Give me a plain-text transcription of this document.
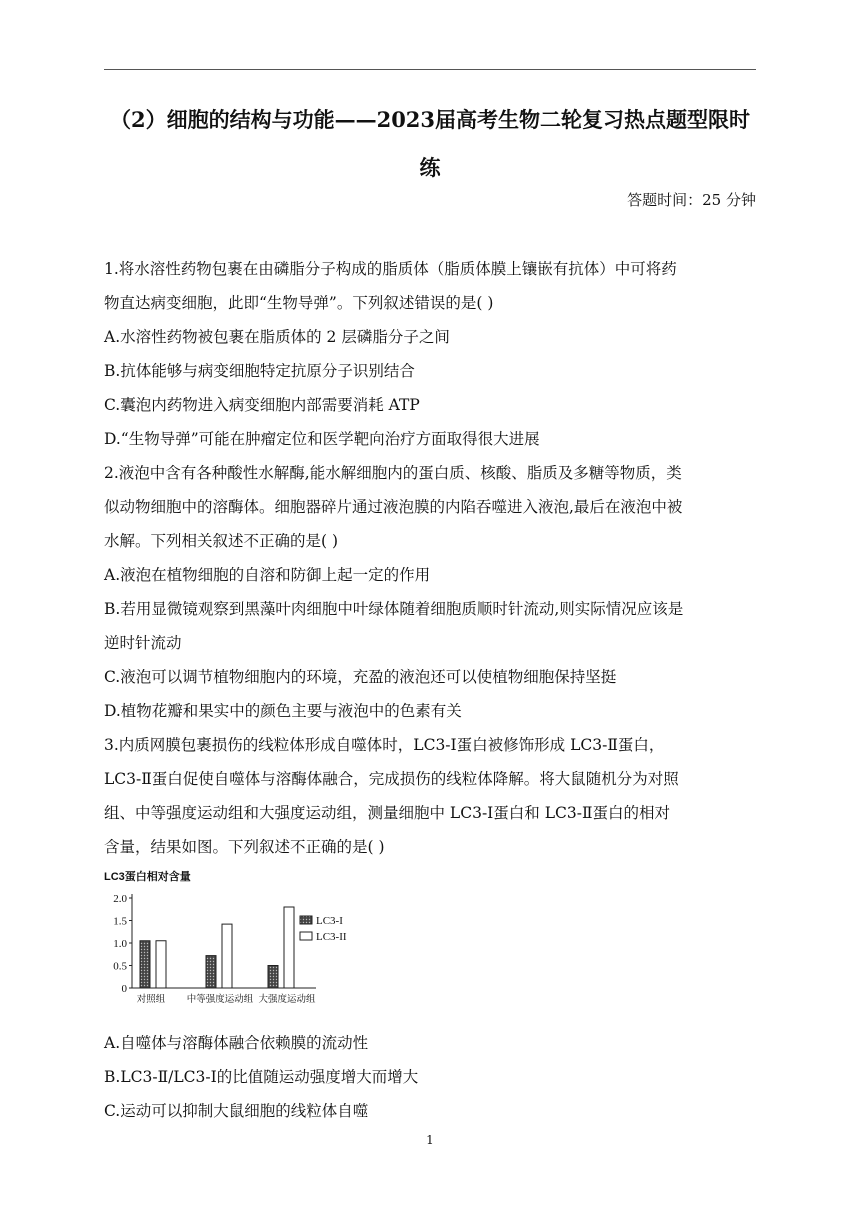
（2）细胞的结构与功能——2023届高考生物二轮复习热点题型限时
练
答题时间：25 分钟

1.将水溶性药物包裹在由磷脂分子构成的脂质体（脂质体膜上镶嵌有抗体）中可将药

物直达病变细胞，此即“生物导弹”。下列叙述错误的是( )

A.水溶性药物被包裹在脂质体的 2 层磷脂分子之间

B.抗体能够与病变细胞特定抗原分子识别结合

C.囊泡内药物进入病变细胞内部需要消耗 ATP

D.“生物导弹”可能在肿瘤定位和医学靶向治疗方面取得很大进展

2.液泡中含有各种酸性水解酶,能水解细胞内的蛋白质、核酸、脂质及多糖等物质，类

似动物细胞中的溶酶体。细胞器碎片通过液泡膜的内陷吞噬进入液泡,最后在液泡中被

水解。下列相关叙述不正确的是( )

A.液泡在植物细胞的自溶和防御上起一定的作用

B.若用显微镜观察到黑藻叶肉细胞中叶绿体随着细胞质顺时针流动,则实际情况应该是

逆时针流动

C.液泡可以调节植物细胞内的环境，充盈的液泡还可以使植物细胞保持坚挺

D.植物花瓣和果实中的颜色主要与液泡中的色素有关

3.内质网膜包裹损伤的线粒体形成自噬体时，LC3-Ⅰ蛋白被修饰形成 LC3-Ⅱ蛋白，

LC3-Ⅱ蛋白促使自噬体与溶酶体融合，完成损伤的线粒体降解。将大鼠随机分为对照

组、中等强度运动组和大强度运动组，测量细胞中 LC3-Ⅰ蛋白和 LC3-Ⅱ蛋白的相对

含量，结果如图。下列叙述不正确的是( )

LC3蛋白相对含量
2.0
1.5
1.0
0.5
0
对照组 中等强度运动组 大强度运动组
LC3-I
LC3-II

A.自噬体与溶酶体融合依赖膜的流动性

B.LC3-Ⅱ/LC3-Ⅰ的比值随运动强度增大而增大

C.运动可以抑制大鼠细胞的线粒体自噬

1
